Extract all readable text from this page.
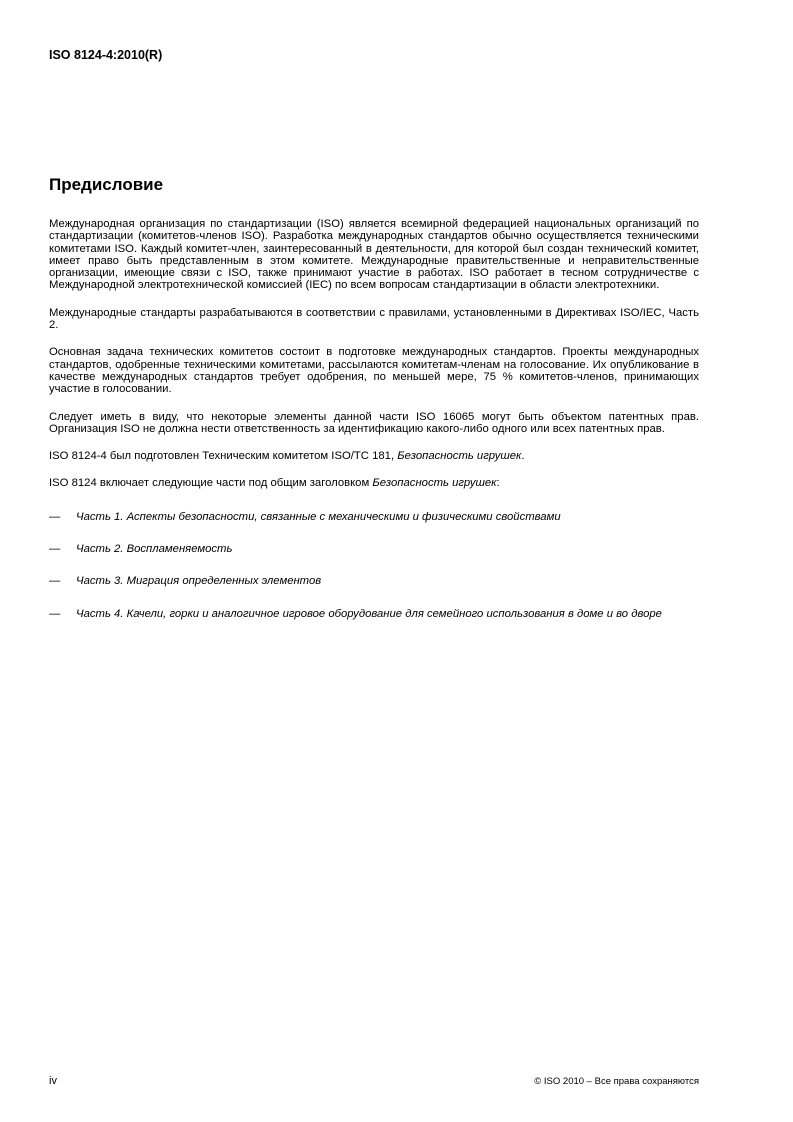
ISO 8124-4:2010(R)

Предисловие

Международная организация по стандартизации (ISO) является всемирной федерацией национальных организаций по стандартизации (комитетов-членов ISO). Разработка международных стандартов обычно осуществляется техническими комитетами ISO. Каждый комитет-член, заинтересованный в деятельности, для которой был создан технический комитет, имеет право быть представленным в этом комитете. Международные правительственные и неправительственные организации, имеющие связи с ISO, также принимают участие в работах. ISO работает в тесном сотрудничестве с Международной электротехнической комиссией (IEC) по всем вопросам стандартизации в области электротехники.

Международные стандарты разрабатываются в соответствии с правилами, установленными в Директивах ISO/IEC, Часть 2.

Основная задача технических комитетов состоит в подготовке международных стандартов. Проекты международных стандартов, одобренные техническими комитетами, рассылаются комитетам-членам на голосование. Их опубликование в качестве международных стандартов требует одобрения, по меньшей мере, 75 % комитетов-членов, принимающих участие в голосовании.

Следует иметь в виду, что некоторые элементы данной части ISO 16065 могут быть объектом патентных прав. Организация ISO не должна нести ответственность за идентификацию какого-либо одного или всех патентных прав.

ISO 8124-4 был подготовлен Техническим комитетом ISO/TC 181, Безопасность игрушек.

ISO 8124 включает следующие части под общим заголовком Безопасность игрушек:

— Часть 1. Аспекты безопасности, связанные с механическими и физическими свойствами
— Часть 2. Воспламеняемость
— Часть 3. Миграция определенных элементов
— Часть 4. Качели, горки и аналогичное игровое оборудование для семейного использования в доме и во дворе

iv	© ISO 2010 – Все права сохраняются
